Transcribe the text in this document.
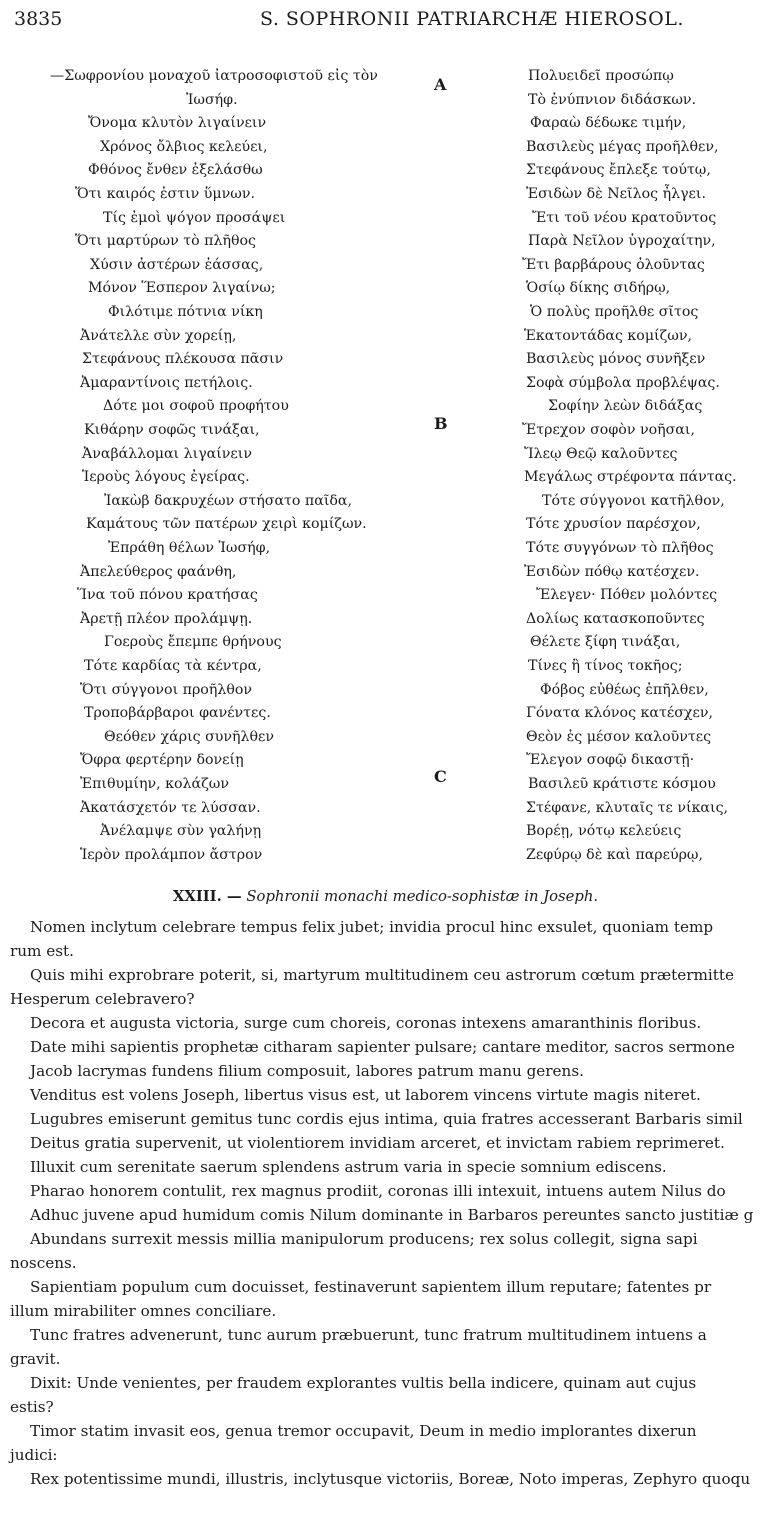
3835	S. SOPHRONII PATRIARCHÆ HIEROSOL.
—Σωφρονίου μοναχοῦ ἰατροσοφιστοῦ εἰς τὸν
Ἰωσήφ.
Ὄνομα κλυτὸν λιγαίνειν
Χρόνος ὄλβιος κελεύει,
Φθόνος ἔνθεν ἐξελάσθω
Ὅτι καιρός ἐστιν ὕμνων.
Τίς ἐμοὶ ψόγον προσάψει
Ὅτι μαρτύρων τὸ πλῆθος
Χύσιν ἀστέρων ἐάσσας,
Μόνον Ἕσπερον λιγαίνω;
Φιλότιμε πότνια νίκη
Ἀνάτελλε σὺν χορείῃ,
Στεφάνους πλέκουσα πᾶσιν
Ἀμαραντίνοις πετήλοις.
Δότε μοι σοφοῦ προφήτου
Κιθάρην σοφῶς τινάξαι,
Ἀναβάλλομαι λιγαίνειν
Ἱεροὺς λόγους ἐγείρας.
Ἰακὼβ δακρυχέων στήσατο παῖδα,
Καμάτους τῶν πατέρων χειρὶ κομίζων.
Ἐπράθη θέλων Ἰωσήφ,
Ἀπελεύθερος φαάνθη,
Ἵνα τοῦ πόνου κρατήσας
Ἀρετῇ πλέον προλάμψῃ.
Γοεροὺς ἔπεμπε θρήνους
Τότε καρδίας τὰ κέντρα,
Ὅτι σύγγονοι προῆλθον
Τροποβάρβαροι φανέντες.
Θεόθεν χάρις συνῆλθεν
Ὄφρα φερτέρην δονείῃ
Ἐπιθυμίην, κολάζων
Ἀκατάσχετόν τε λύσσαν.
Ἀνέλαμψε σὺν γαλήνῃ
Ἱερὸν προλάμπον ἄστρον
Πολυειδεῖ προσώπῳ
Τὸ ἐνύπνιον διδάσκων.
Φαραὼ δέδωκε τιμήν,
Βασιλεὺς μέγας προῆλθεν,
Στεφάνους ἔπλεξε τούτῳ,
Ἐσιδὼν δὲ Νεῖλος ἦλγει.
Ἔτι τοῦ νέου κρατοῦντος
Παρὰ Νεῖλον ὑγροχαίτην,
Ἔτι βαρβάρους ὀλοῦντας
Ὁσίῳ δίκης σιδήρῳ,
Ὁ πολὺς προῆλθε σῖτος
Ἑκατοντάδας κομίζων,
Βασιλεὺς μόνος συνῆξεν
Σοφὰ σύμβολα προβλέψας.
Σοφίην λεὼν διδάξας
Ἔτρεχον σοφὸν νοῆσαι,
Ἴλεῳ Θεῷ καλοῦντες
Μεγάλως στρέφοντα πάντας.
Τότε σύγγονοι κατῆλθον,
Τότε χρυσίον παρέσχον,
Τότε συγγόνων τὸ πλῆθος
Ἐσιδὼν πόθῳ κατέσχεν.
Ἔλεγεν· Πόθεν μολόντες
Δολίως κατασκοποῦντες
Θέλετε ξίφη τινάξαι,
Τίνες ἢ τίνος τοκῆος;
Φόβος εὐθέως ἐπῆλθεν,
Γόνατα κλόνος κατέσχεν,
Θεὸν ἐς μέσον καλοῦντες
Ἔλεγον σοφῷ δικαστῇ·
Βασιλεῦ κράτιστε κόσμου
Στέφανε, κλυταῖς τε νίκαις,
Βορέῃ, νότῳ κελεύεις
Ζεφύρῳ δὲ καὶ παρεύρῳ,
A
B
C
XXIII. — Sophronii monachi medico-sophistæ in Joseph.
Nomen inclytum celebrare tempus felix jubet; invidia procul hinc exsulet, quoniam temp
rum est.
Quis mihi exprobrare poterit, si, martyrum multitudinem ceu astrorum cœtum prætermitte
Hesperum celebravero?
Decora et augusta victoria, surge cum choreis, coronas intexens amaranthinis floribus.
Date mihi sapientis prophetæ citharam sapienter pulsare; cantare meditor, sacros sermone
Jacob lacrymas fundens filium composuit, labores patrum manu gerens.
Venditus est volens Joseph, libertus visus est, ut laborem vincens virtute magis niteret.
Lugubres emiserunt gemitus tunc cordis ejus intima, quia fratres accesserant Barbaris simil
Deitus gratia supervenit, ut violentiorem invidiam arceret, et invictam rabiem reprimeret.
Illuxit cum serenitate saerum splendens astrum varia in specie somnium ediscens.
Pharao honorem contulit, rex magnus prodiit, coronas illi intexuit, intuens autem Nilus do
Adhuc juvene apud humidum comis Nilum dominante in Barbaros pereuntes sancto justitiæ g
Abundans surrexit messis millia manipulorum producens; rex solus collegit, signa sapi
noscens.
Sapientiam populum cum docuisset, festinaverunt sapientem illum reputare; fatentes pr
illum mirabiliter omnes conciliare.
Tunc fratres advenerunt, tunc aurum præbuerunt, tunc fratrum multitudinem intuens a
gravit.
Dixit: Unde venientes, per fraudem explorantes vultis bella indicere, quinam aut cujus
estis?
Timor statim invasit eos, genua tremor occupavit, Deum in medio implorantes dixerun
judici:
Rex potentissime mundi, illustris, inclytusque victoriis, Boreæ, Noto imperas, Zephyro quoqu
